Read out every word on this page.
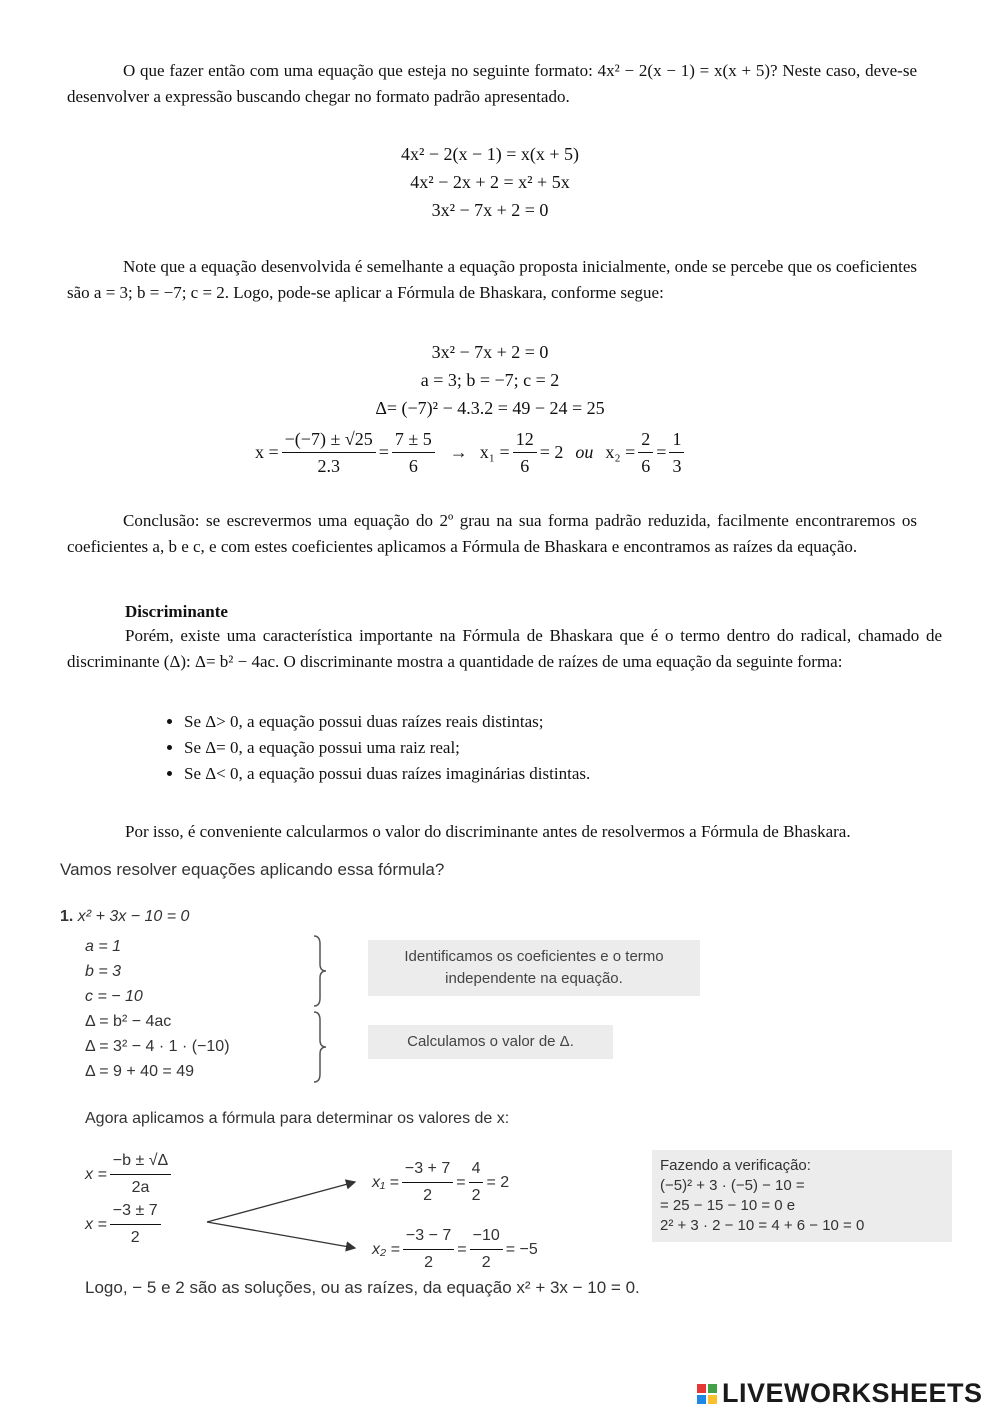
O que fazer então com uma equação que esteja no seguinte formato: 4x² − 2(x − 1) = x(x + 5)? Neste caso, deve-se desenvolver a expressão buscando chegar no formato padrão apresentado.
4x² − 2(x − 1) = x(x + 5)
4x² − 2x + 2 = x² + 5x
3x² − 7x + 2 = 0
Note que a equação desenvolvida é semelhante a equação proposta inicialmente, onde se percebe que os coeficientes são a = 3; b = −7; c = 2. Logo, pode-se aplicar a Fórmula de Bhaskara, conforme segue:
3x² − 7x + 2 = 0
a = 3; b = −7; c = 2
Δ= (−7)² − 4.3.2 = 49 − 24 = 25
$x = \frac{-(-7) \pm √25}{2.3} = \frac{7 \pm 5}{6} \to x_1 = \frac{12}{6} = 2$ ou $x_2 = \frac{2}{6} = \frac{1}{3}$
Conclusão: se escrevermos uma equação do 2º grau na sua forma padrão reduzida, facilmente encontraremos os coeficientes a, b e c, e com estes coeficientes aplicamos a Fórmula de Bhaskara e encontramos as raízes da equação.
Discriminante
Porém, existe uma característica importante na Fórmula de Bhaskara que é o termo dentro do radical, chamado de discriminante (Δ): Δ= b² − 4ac. O discriminante mostra a quantidade de raízes de uma equação da seguinte forma:
• Se Δ> 0, a equação possui duas raízes reais distintas;
• Se Δ= 0, a equação possui uma raiz real;
• Se Δ< 0, a equação possui duas raízes imaginárias distintas.
Por isso, é conveniente calcularmos o valor do discriminante antes de resolvermos a Fórmula de Bhaskara.
Vamos resolver equações aplicando essa fórmula?
1. x² + 3x − 10 = 0
a = 1
b = 3
c = − 10
Δ = b² − 4ac
Δ = 3² − 4 · 1 · (−10)
Δ = 9 + 40 = 49
Identificamos os coeficientes e o termo independente na equação.
Calculamos o valor de Δ.
Agora aplicamos a fórmula para determinar os valores de x:
$x = \frac{-b \pm √\Delta}{2a}$
$x = \frac{-3 \pm 7}{2}$
$x_1 = \frac{-3 + 7}{2} = \frac{4}{2} = 2$
$x_2 = \frac{-3 - 7}{2} = \frac{-10}{2} = -5$
Fazendo a verificação:
(−5)² + 3 · (−5) − 10 =
= 25 − 15 − 10 = 0 e
2² + 3 · 2 − 10 = 4 + 6 − 10 = 0
Logo, − 5 e 2 são as soluções, ou as raízes, da equação x² + 3x − 10 = 0.
LIVEWORKSHEETS
